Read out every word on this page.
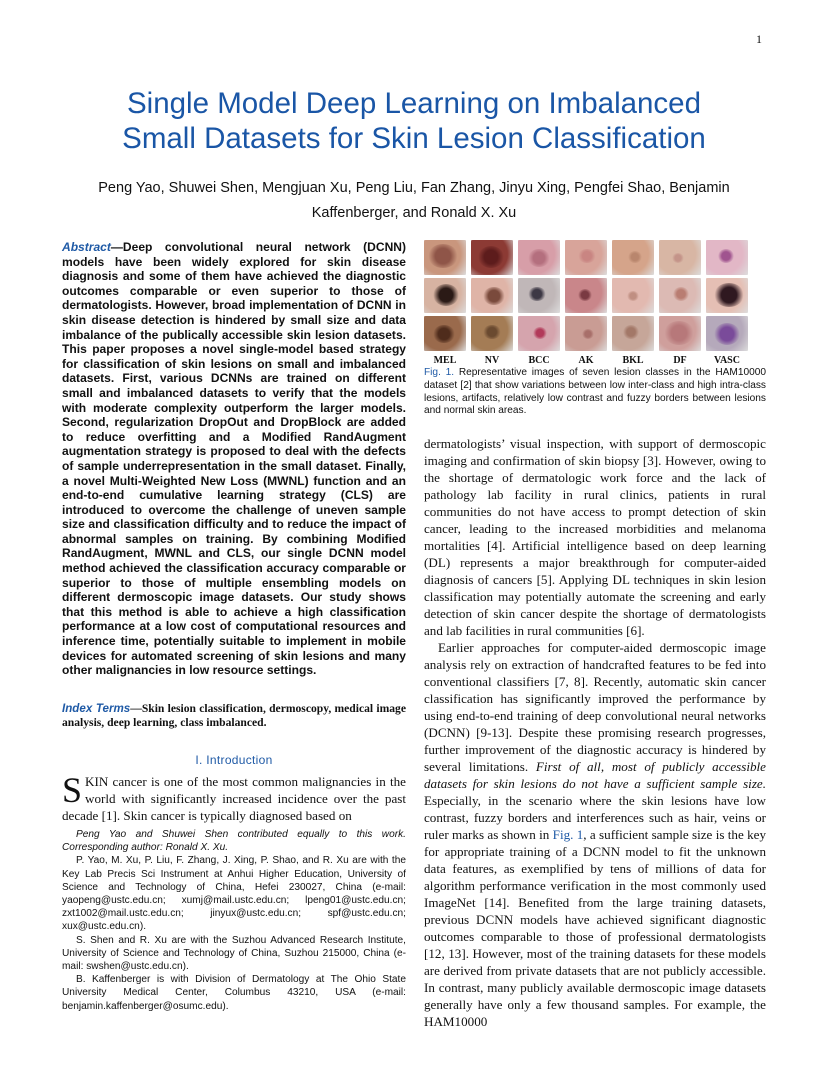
1
Single Model Deep Learning on Imbalanced
Small Datasets for Skin Lesion Classification
Peng Yao, Shuwei Shen, Mengjuan Xu, Peng Liu, Fan Zhang, Jinyu Xing, Pengfei Shao, Benjamin
Kaffenberger, and Ronald X. Xu

Abstract—Deep convolutional neural network (DCNN) models have been widely explored for skin disease diagnosis and some of them have achieved the diagnostic outcomes comparable or even superior to those of dermatologists. However, broad implementation of DCNN in skin disease detection is hindered by small size and data imbalance of the publically accessible skin lesion datasets. This paper proposes a novel single-model based strategy for classification of skin lesions on small and imbalanced datasets. First, various DCNNs are trained on different small and imbalanced datasets to verify that the models with moderate complexity outperform the larger models. Second, regularization DropOut and DropBlock are added to reduce overfitting and a Modified RandAugment augmentation strategy is proposed to deal with the defects of sample underrepresentation in the small dataset. Finally, a novel Multi-Weighted New Loss (MWNL) function and an end-to-end cumulative learning strategy (CLS) are introduced to overcome the challenge of uneven sample size and classification difficulty and to reduce the impact of abnormal samples on training. By combining Modified RandAugment, MWNL and CLS, our single DCNN model method achieved the classification accuracy comparable or superior to those of multiple ensembling models on different dermoscopic image datasets. Our study shows that this method is able to achieve a high classification performance at a low cost of computational resources and inference time, potentially suitable to implement in mobile devices for automated screening of skin lesions and many other malignancies in low resource settings.

Index Terms—Skin lesion classification, dermoscopy, medical image analysis, deep learning, class imbalanced.

I. Introduction

SKIN cancer is one of the most common malignancies in the world with significantly increased incidence over the past decade [1]. Skin cancer is typically diagnosed based on

Peng Yao and Shuwei Shen contributed equally to this work. Corresponding author: Ronald X. Xu.

P. Yao, M. Xu, P. Liu, F. Zhang, J. Xing, P. Shao, and R. Xu are with the Key Lab Precis Sci Instrument at Anhui Higher Education, University of Science and Technology of China, Hefei 230027, China (e-mail: yaopeng@ustc.edu.cn; xumj@mail.ustc.edu.cn; lpeng01@ustc.edu.cn; zxt1002@mail.ustc.edu.cn; jinyux@ustc.edu.cn; spf@ustc.edu.cn; xux@ustc.edu.cn).

S. Shen and R. Xu are with the Suzhou Advanced Research Institute, University of Science and Technology of China, Suzhou 215000, China (e-mail: swshen@ustc.edu.cn).

B. Kaffenberger is with Division of Dermatology at The Ohio State University Medical Center, Columbus 43210, USA (e-mail: benjamin.kaffenberger@osumc.edu).

MEL	NV	BCC	AK	BKL	DF	VASC

Fig. 1. Representative images of seven lesion classes in the HAM10000 dataset [2] that show variations between low inter-class and high intra-class lesions, artifacts, relatively low contrast and fuzzy borders between lesions and normal skin areas.

dermatologists’ visual inspection, with support of dermoscopic imaging and confirmation of skin biopsy [3]. However, owing to the shortage of dermatologic work force and the lack of pathology lab facility in rural clinics, patients in rural communities do not have access to prompt detection of skin cancer, leading to the increased morbidities and melanoma mortalities [4]. Artificial intelligence based on deep learning (DL) represents a major breakthrough for computer-aided diagnosis of cancers [5]. Applying DL techniques in skin lesion classification may potentially automate the screening and early detection of skin cancer despite the shortage of dermatologists and lab facilities in rural communities [6].

Earlier approaches for computer-aided dermoscopic image analysis rely on extraction of handcrafted features to be fed into conventional classifiers [7, 8]. Recently, automatic skin cancer classification has significantly improved the performance by using end-to-end training of deep convolutional neural networks (DCNN) [9-13]. Despite these promising research progresses, further improvement of the diagnostic accuracy is hindered by several limitations. First of all, most of publicly accessible datasets for skin lesions do not have a sufficient sample size. Especially, in the scenario where the skin lesions have low contrast, fuzzy borders and interferences such as hair, veins or ruler marks as shown in Fig. 1, a sufficient sample size is the key for appropriate training of a DCNN model to fit the unknown data features, as exemplified by tens of millions of data for algorithm performance verification in the most commonly used ImageNet [14]. Benefited from the large training datasets, previous DCNN models have achieved significant diagnostic outcomes comparable to those of professional dermatologists [12, 13]. However, most of the training datasets for these models are derived from private datasets that are not publicly accessible. In contrast, many publicly available dermoscopic image datasets generally have only a few thousand samples. For example, the HAM10000
